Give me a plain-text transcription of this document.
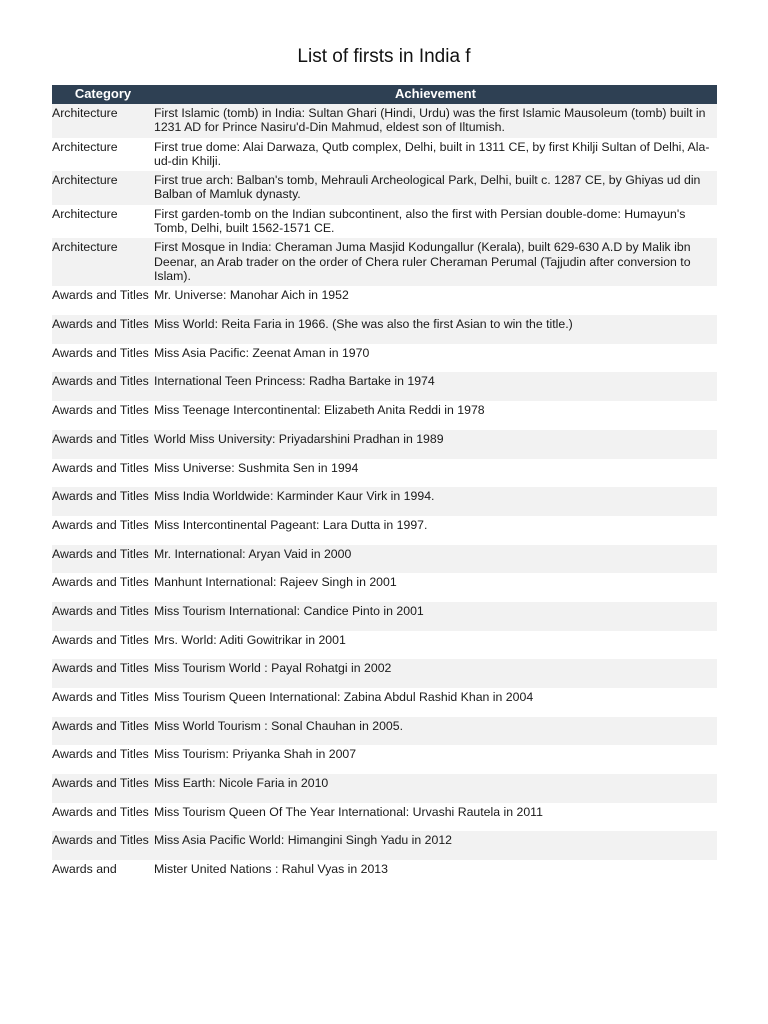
List of firsts in India f
Category	Achievement
Architecture	First Islamic (tomb) in India: Sultan Ghari (Hindi, Urdu) was the first Islamic Mausoleum (tomb) built in 1231 AD for Prince Nasiru'd-Din Mahmud, eldest son of Iltumish.
Architecture	First true dome: Alai Darwaza, Qutb complex, Delhi, built in 1311 CE, by first Khilji Sultan of Delhi, Ala-ud-din Khilji.
Architecture	First true arch: Balban's tomb, Mehrauli Archeological Park, Delhi, built c. 1287 CE, by Ghiyas ud din Balban of Mamluk dynasty.
Architecture	First garden-tomb on the Indian subcontinent, also the first with Persian double-dome: Humayun's Tomb, Delhi, built 1562-1571 CE.
Architecture	First Mosque in India: Cheraman Juma Masjid Kodungallur (Kerala), built 629-630 A.D by Malik ibn Deenar, an Arab trader on the order of Chera ruler Cheraman Perumal (Tajjudin after conversion to Islam).
Awards and Titles	Mr. Universe: Manohar Aich in 1952
Awards and Titles	Miss World: Reita Faria in 1966. (She was also the first Asian to win the title.)
Awards and Titles	Miss Asia Pacific: Zeenat Aman in 1970
Awards and Titles	International Teen Princess: Radha Bartake in 1974
Awards and Titles	Miss Teenage Intercontinental: Elizabeth Anita Reddi in 1978
Awards and Titles	World Miss University: Priyadarshini Pradhan in 1989
Awards and Titles	Miss Universe: Sushmita Sen in 1994
Awards and Titles	Miss India Worldwide: Karminder Kaur Virk in 1994.
Awards and Titles	Miss Intercontinental Pageant: Lara Dutta in 1997.
Awards and Titles	Mr. International: Aryan Vaid in 2000
Awards and Titles	Manhunt International: Rajeev Singh in 2001
Awards and Titles	Miss Tourism International: Candice Pinto in 2001
Awards and Titles	Mrs. World: Aditi Gowitrikar in 2001
Awards and Titles	Miss Tourism World : Payal Rohatgi in 2002
Awards and Titles	Miss Tourism Queen International: Zabina Abdul Rashid Khan in 2004
Awards and Titles	Miss World Tourism : Sonal Chauhan in 2005.
Awards and Titles	Miss Tourism: Priyanka Shah in 2007
Awards and Titles	Miss Earth: Nicole Faria in 2010
Awards and Titles	Miss Tourism Queen Of The Year International: Urvashi Rautela in 2011
Awards and Titles	Miss Asia Pacific World: Himangini Singh Yadu in 2012
Awards and	Mister United Nations : Rahul Vyas in 2013
